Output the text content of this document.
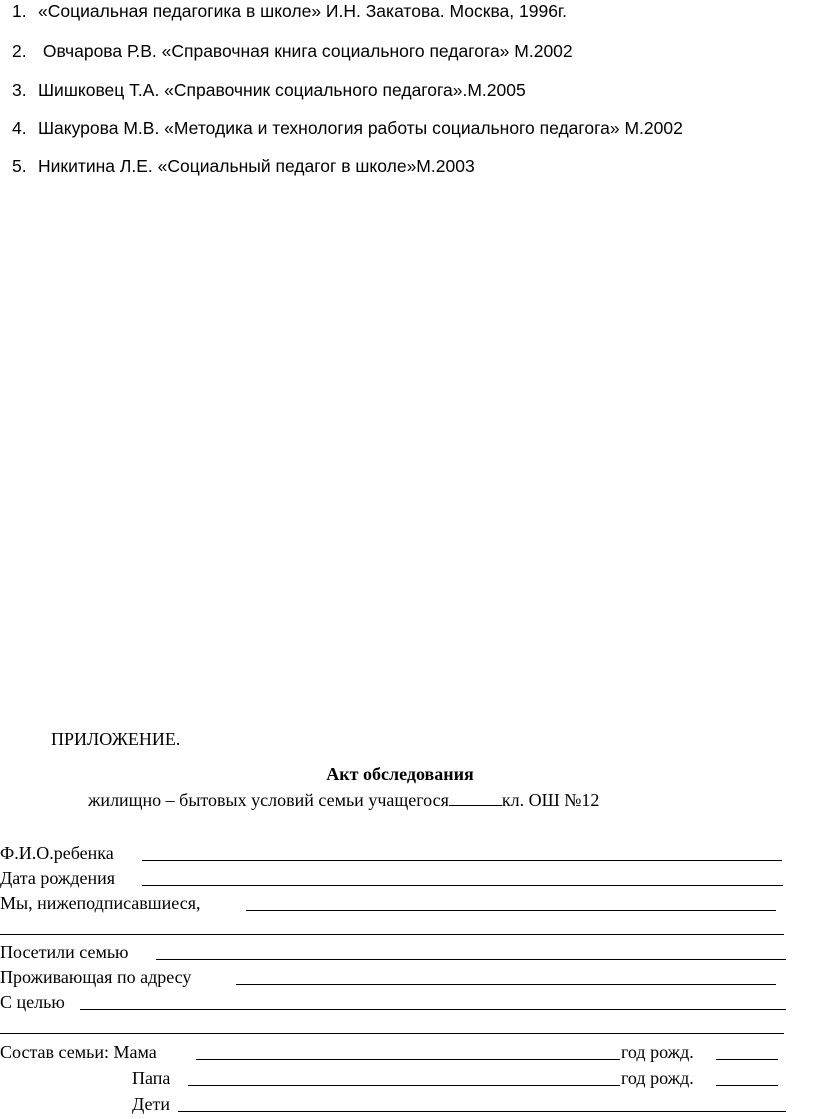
1. «Социальная педагогика в школе» И.Н. Закатова. Москва, 1996г.
2. Овчарова Р.В. «Справочная книга социального педагога» М.2002
3. Шишковец Т.А. «Справочник социального педагога».М.2005
4. Шакурова М.В. «Методика и технология работы социального педагога» М.2002
5. Никитина Л.Е. «Социальный педагог в школе»М.2003
ПРИЛОЖЕНИЕ.
Акт обследования
жилищно – бытовых условий семьи учащегося	кл. ОШ №12
Ф.И.О.ребенка
Дата рождения
Мы, нижеподписавшиеся,
Посетили семью
Проживающая по адресу
С целью
Состав семьи: Мама	год рожд.
Папа	год рожд.
Дети
